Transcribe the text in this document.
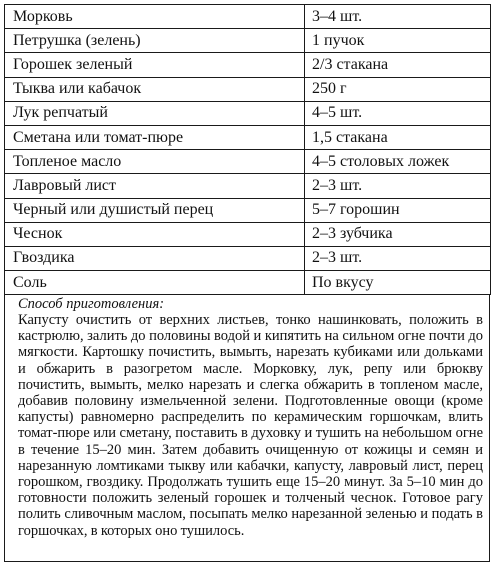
Морковь	3–4 шт.
Петрушка (зелень)	1 пучок
Горошек зеленый	2/3 стакана
Тыква или кабачок	250 г
Лук репчатый	4–5 шт.
Сметана или томат-пюре	1,5 стакана
Топленое масло	4–5 столовых ложек
Лавровый лист	2–3 шт.
Черный или душистый перец	5–7 горошин
Чеснок	2–3 зубчика
Гвоздика	2–3 шт.
Соль	По вкусу

Способ приготовления:

Капусту очистить от верхних листьев, тонко нашинковать, положить в кастрюлю, залить до половины водой и кипятить на сильном огне почти до мягкости. Картошку почистить, вымыть, нарезать кубиками или дольками и обжарить в разогретом масле. Морковку, лук, репу или брюкву почистить, вымыть, мелко нарезать и слегка обжарить в топленом масле, добавив половину измельченной зелени. Подготовленные овощи (кроме капусты) равномерно распределить по керамическим горшочкам, влить томат-пюре или сметану, поставить в духовку и тушить на небольшом огне в течение 15–20 мин. Затем добавить очищенную от кожицы и семян и нарезанную ломтиками тыкву или кабачки, капусту, лавровый лист, перец горошком, гвоздику. Продолжать тушить еще 15–20 минут. За 5–10 мин до готовности положить зеленый горошек и толченый чеснок. Готовое рагу полить сливочным маслом, посыпать мелко нарезанной зеленью и подать в горшочках, в которых оно тушилось.
